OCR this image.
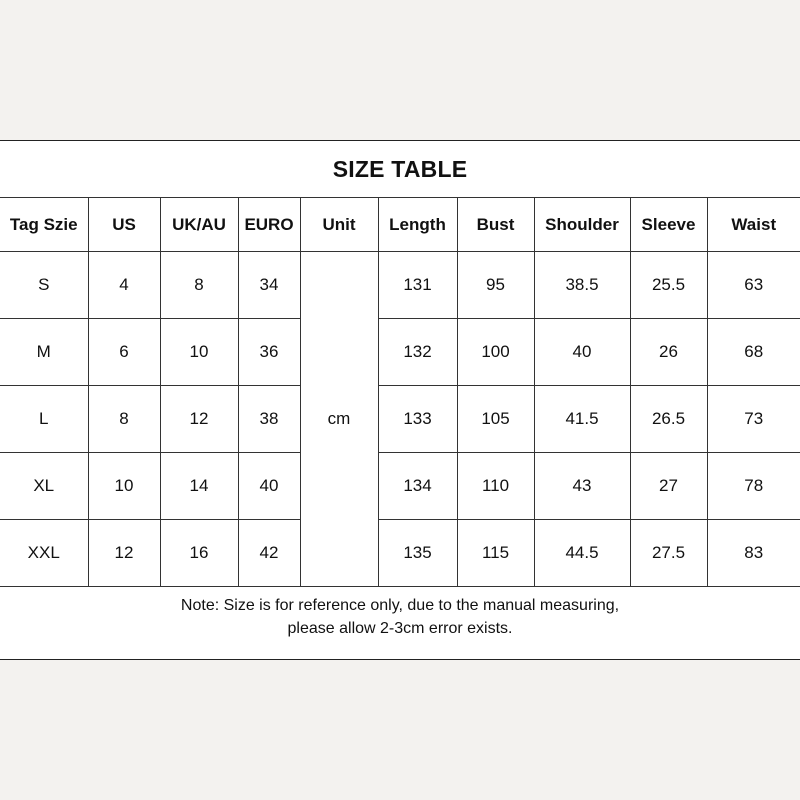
SIZE TABLE
Tag Szie	US	UK/AU	EURO	Unit	Length	Bust	Shoulder	Sleeve	Waist
S	4	8	34	cm	131	95	38.5	25.5	63
M	6	10	36		132	100	40	26	68
L	8	12	38		133	105	41.5	26.5	73
XL	10	14	40		134	110	43	27	78
XXL	12	16	42		135	115	44.5	27.5	83
Note: Size is for reference only, due to the manual measuring,
please allow 2-3cm error exists.
